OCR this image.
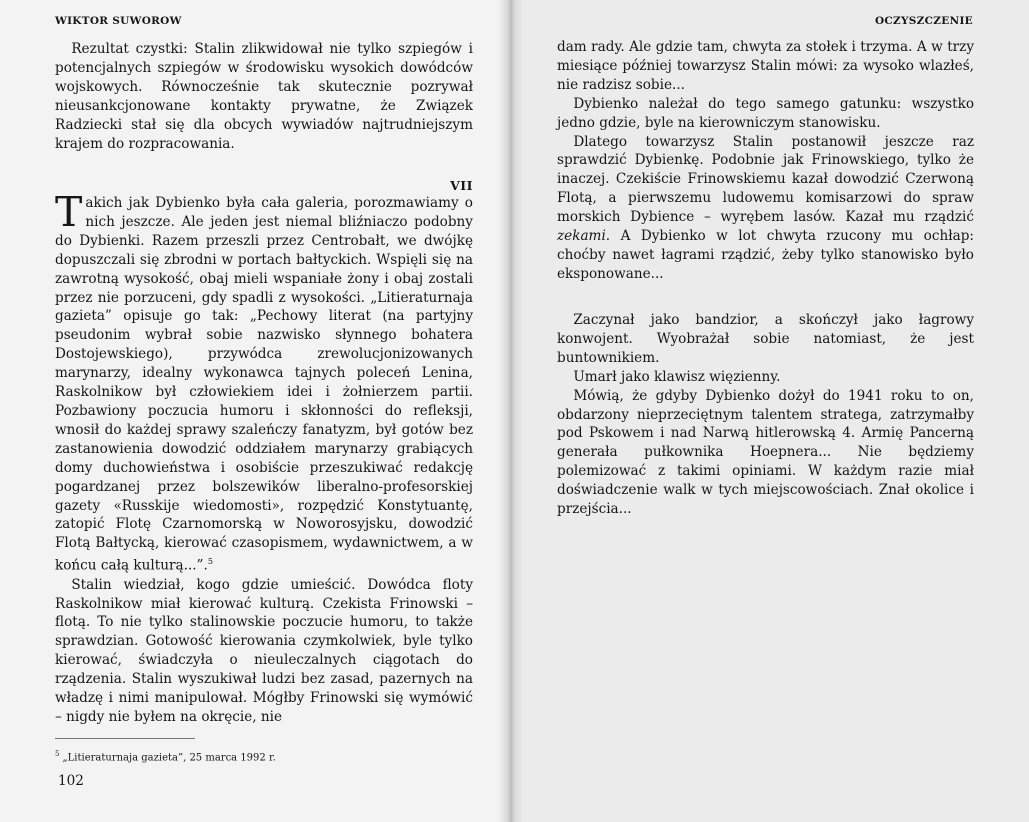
WIKTOR SUWOROW

Rezultat czystki: Stalin zlikwidował nie tylko szpiegów i potencjalnych szpiegów w środowisku wysokich dowódców wojskowych. Równocześnie tak skutecznie pozrywał nieusankcjonowane kontakty prywatne, że Związek Radziecki stał się dla obcych wywiadów najtrudniejszym krajem do rozpracowania.

VII

Takich jak Dybienko była cała galeria, porozmawiamy o nich jeszcze. Ale jeden jest niemal bliźniaczo podobny do Dybienki. Razem przeszli przez Centrobałt, we dwójkę dopuszczali się zbrodni w portach bałtyckich. Wspięli się na zawrotną wysokość, obaj mieli wspaniałe żony i obaj zostali przez nie porzuceni, gdy spadli z wysokości. „Litieraturnaja gazieta” opisuje go tak: „Pechowy literat (na partyjny pseudonim wybrał sobie nazwisko słynnego bohatera Dostojewskiego), przywódca zrewolucjonizowanych marynarzy, idealny wykonawca tajnych poleceń Lenina, Raskolnikow był człowiekiem idei i żołnierzem partii. Pozbawiony poczucia humoru i skłonności do refleksji, wnosił do każdej sprawy szaleńczy fanatyzm, był gotów bez zastanowienia dowodzić oddziałem marynarzy grabiących domy duchowieństwa i osobiście przeszukiwać redakcję pogardzanej przez bolszewików liberalno-profesorskiej gazety «Russkije wiedomosti», rozpędzić Konstytuantę, zatopić Flotę Czarnomorską w Noworosyjsku, dowodzić Flotą Bałtycką, kierować czasopismem, wydawnictwem, a w końcu całą kulturą...”.$^5$

Stalin wiedział, kogo gdzie umieścić. Dowódca floty Raskolnikow miał kierować kulturą. Czekista Frinowski – flotą. To nie tylko stalinowskie poczucie humoru, to także sprawdzian. Gotowość kierowania czymkolwiek, byle tylko kierować, świadczyła o nieuleczalnych ciągotach do rządzenia. Stalin wyszukiwał ludzi bez zasad, pazernych na władzę i nimi manipulował. Mógłby Frinowski się wymówić – nigdy nie byłem na okręcie, nie

$^5$ „Litieraturnaja gazieta”, 25 marca 1992 r.
102
OCZYSZCZENIE

dam rady. Ale gdzie tam, chwyta za stołek i trzyma. A w trzy miesiące później towarzysz Stalin mówi: za wysoko wlazłeś, nie radzisz sobie...

Dybienko należał do tego samego gatunku: wszystko jedno gdzie, byle na kierowniczym stanowisku.

Dlatego towarzysz Stalin postanowił jeszcze raz sprawdzić Dybienkę. Podobnie jak Frinowskiego, tylko że inaczej. Czekiście Frinowskiemu kazał dowodzić Czerwoną Flotą, a pierwszemu ludowemu komisarzowi do spraw morskich Dybience – wyrębem lasów. Kazał mu rządzić zekami. A Dybienko w lot chwyta rzucony mu ochłap: choćby nawet łagrami rządzić, żeby tylko stanowisko było eksponowane...

Zaczynał jako bandzior, a skończył jako łagrowy konwojent. Wyobrażał sobie natomiast, że jest buntownikiem.

Umarł jako klawisz więzienny.

Mówią, że gdyby Dybienko dożył do 1941 roku to on, obdarzony nieprzeciętnym talentem stratega, zatrzymałby pod Pskowem i nad Narwą hitlerowską 4. Armię Pancerną generała pułkownika Hoepnera... Nie będziemy polemizować z takimi opiniami. W każdym razie miał doświadczenie walk w tych miejscowościach. Znał okolice i przejścia...
